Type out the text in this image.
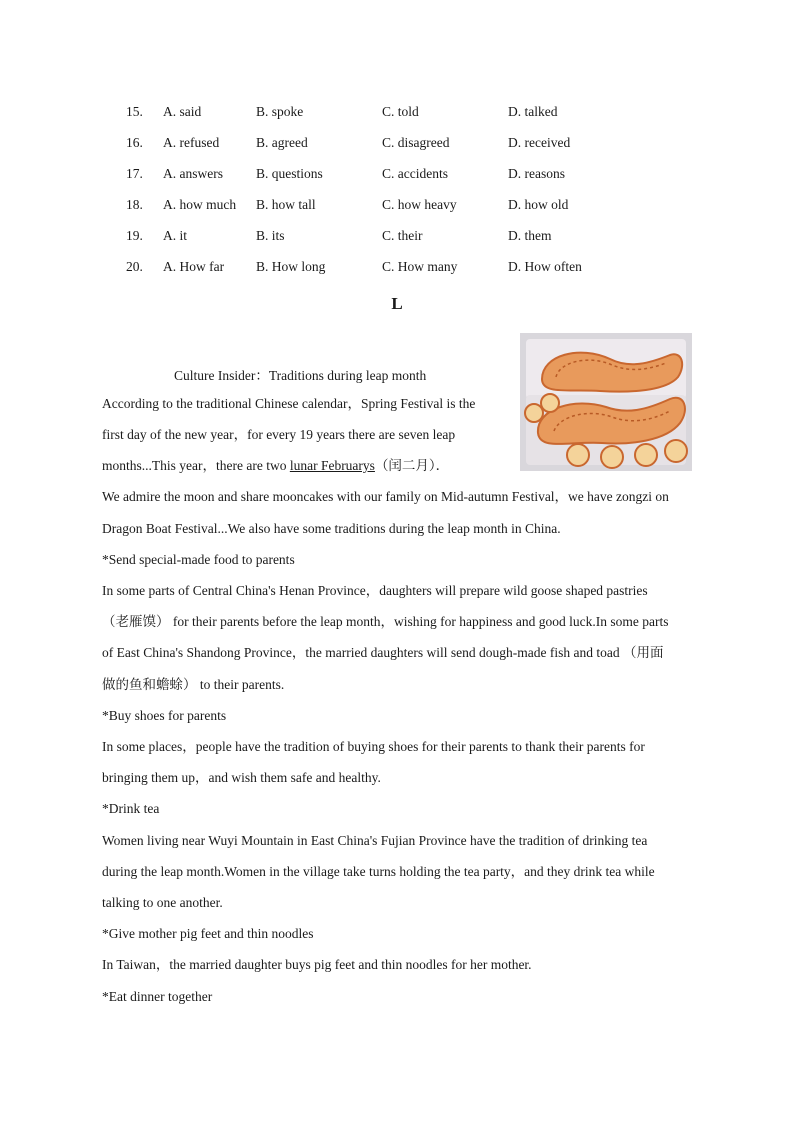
15. A. said	B. spoke	C. told	D. talked
16. A. refused	B. agreed	C. disagreed	D. received
17. A. answers B. questions	C. accidents	D. reasons
18. A. how much B. how tall	C. how heavy	D. how old
19. A. it	B. its	C. their	D. them
20. A. How far B. How long	C. How many	D. How often
L
Culture Insider：Traditions during leap month
According to the traditional Chinese calendar，Spring Festival is the
first day of the new year，for every 19 years there are seven leap
months...This year，there are two lunar Februarys（闰二月）．
We admire the moon and share mooncakes with our family on Mid-autumn Festival，we have zongzi on
Dragon Boat Festival...We also have some traditions during the leap month in China.
*Send special-made food to parents
In some parts of Central China's Henan Province，daughters will prepare wild goose shaped pastries
（老雁馍） for their parents before the leap month，wishing for happiness and good luck.In some parts
of East China's Shandong Province，the married daughters will send dough-made fish and toad （用面
做的鱼和蟾蜍） to their parents.
*Buy shoes for parents
In some places，people have the tradition of buying shoes for their parents to thank their parents for
bringing them up，and wish them safe and healthy.
*Drink tea
Women living near Wuyi Mountain in East China's Fujian Province have the tradition of drinking tea
during the leap month.Women in the village take turns holding the tea party，and they drink tea while
talking to one another.
*Give mother pig feet and thin noodles
In Taiwan，the married daughter buys pig feet and thin noodles for her mother.
*Eat dinner together
